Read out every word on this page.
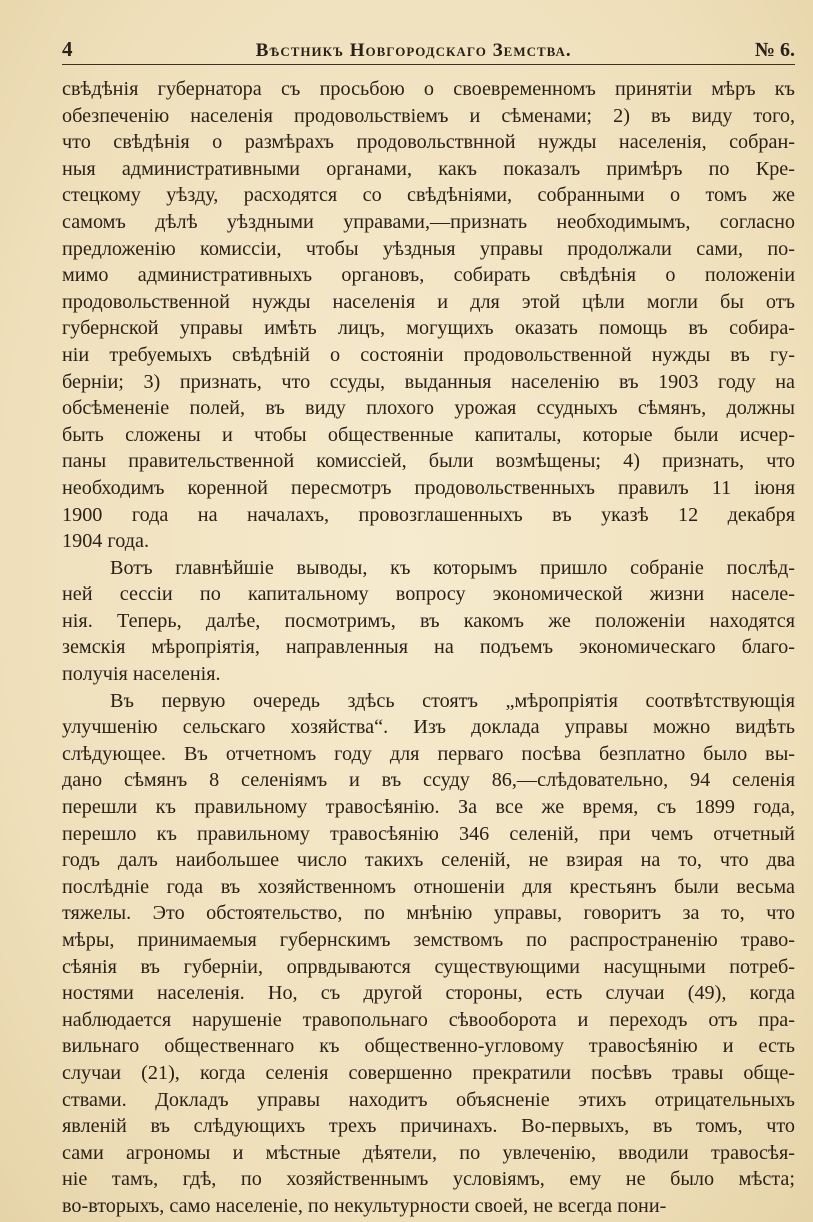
4	Вѣстникъ Новгородскаго Земства.	№ 6.
свѣдѣнія губернатора съ просьбою о своевременномъ принятіи мѣръ къ
обезпеченію населенія продовольствіемъ и сѣменами; 2) въ виду того,
что свѣдѣнія о размѣрахъ продовольствнной нужды населенія, собран-
ныя административными органами, какъ показалъ примѣръ по Кре-
стецкому уѣзду, расходятся со свѣдѣніями, собранными о томъ же
самомъ дѣлѣ уѣздными управами,—признать необходимымъ, согласно
предложенію комиссіи, чтобы уѣздныя управы продолжали сами, по-
мимо административныхъ органовъ, собирать свѣдѣнія о положеніи
продовольственной нужды населенія и для этой цѣли могли бы отъ
губернской управы имѣть лицъ, могущихъ оказать помощь въ собира-
ніи требуемыхъ свѣдѣній о состояніи продовольственной нужды въ гу-
берніи; 3) признать, что ссуды, выданныя населенію въ 1903 году на
обсѣмененіе полей, въ виду плохого урожая ссудныхъ сѣмянъ, должны
быть сложены и чтобы общественные капиталы, которые были исчер-
паны правительственной комиссіей, были возмѣщены; 4) признать, что
необходимъ коренной пересмотръ продовольственныхъ правилъ 11 іюня
1900 года на началахъ, провозглашенныхъ въ указѣ 12 декабря
1904 года.
Вотъ главнѣйшіе выводы, къ которымъ пришло собраніе послѣд-
ней сессіи по капитальному вопросу экономической жизни населе-
нія. Теперь, далѣе, посмотримъ, въ какомъ же положеніи находятся
земскія мѣропріятія, направленныя на подъемъ экономическаго благо-
получія населенія.
Въ первую очередь здѣсь стоятъ „мѣропріятія соотвѣтствующія
улучшенію сельскаго хозяйства“. Изъ доклада управы можно видѣть
слѣдующее. Въ отчетномъ году для перваго посѣва безплатно было вы-
дано сѣмянъ 8 селеніямъ и въ ссуду 86,—слѣдовательно, 94 селенія
перешли къ правильному травосѣянію. За все же время, съ 1899 года,
перешло къ правильному травосѣянію 346 селеній, при чемъ отчетный
годъ далъ наибольшее число такихъ селеній, не взирая на то, что два
послѣдніе года въ хозяйственномъ отношеніи для крестьянъ были весьма
тяжелы. Это обстоятельство, по мнѣнію управы, говоритъ за то, что
мѣры, принимаемыя губернскимъ земствомъ по распространенію траво-
сѣянія въ губерніи, опрвдываются существующими насущными потреб-
ностями населенія. Но, съ другой стороны, есть случаи (49), когда
наблюдается нарушеніе травопольнаго сѣвооборота и переходъ отъ пра-
вильнаго общественнаго къ общественно-угловому травосѣянію и есть
случаи (21), когда селенія совершенно прекратили посѣвъ травы обще-
ствами. Докладъ управы находитъ объясненіе этихъ отрицательныхъ
явленій въ слѣдующихъ трехъ причинахъ. Во-первыхъ, въ томъ, что
сами агрономы и мѣстные дѣятели, по увлеченію, вводили травосѣя-
ніе тамъ, гдѣ, по хозяйственнымъ условіямъ, ему не было мѣста;
во-вторыхъ, само населеніе, по некультурности своей, не всегда пони-
